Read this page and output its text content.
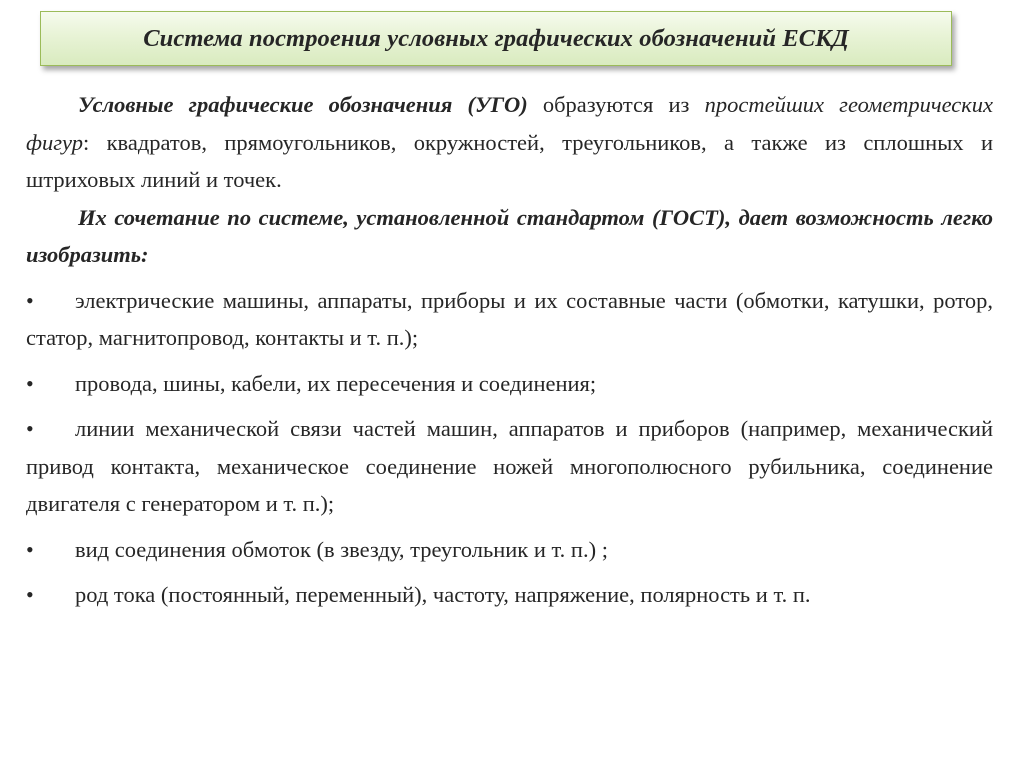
Система построения условных графических обозначений ЕСКД

Условные графические обозначения (УГО) образуются из простейших геометрических фигур: квадратов, прямоугольников, окружностей, треугольников, а также из сплошных и штриховых линий и точек.

Их сочетание по системе, установленной стандартом (ГОСТ), дает возможность легко изобразить:

• электрические машины, аппараты, приборы и их составные части (обмотки, катушки, ротор, статор, магнитопровод, контакты и т. п.);

• провода, шины, кабели, их пересечения и соединения;

• линии механической связи частей машин, аппаратов и приборов (например, механический привод контакта, механическое соединение ножей многополюсного рубильника, соединение двигателя с генератором и т. п.);

• вид соединения обмоток (в звезду, треугольник и т. п.) ;

• род тока (постоянный, переменный), частоту, напряжение, полярность и т. п.
